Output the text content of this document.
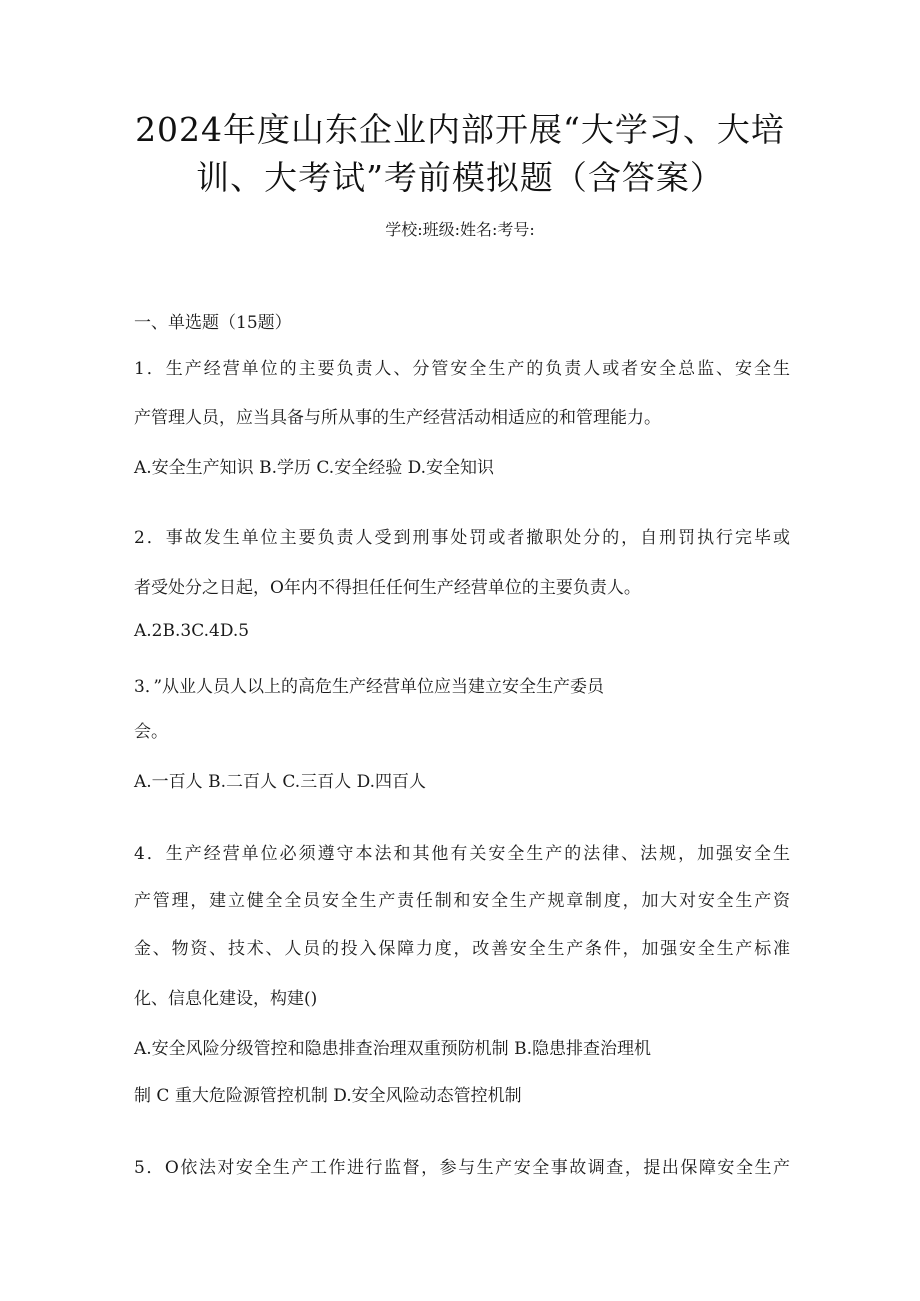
2024年度山东企业内部开展“大学习、大培
训、大考试”考前模拟题（含答案）
学校:班级:姓名:考号:
一、单选题（15题）
1．生产经营单位的主要负责人、分管安全生产的负责人或者安全总监、安全生
产管理人员，应当具备与所从事的生产经营活动相适应的和管理能力。
A.安全生产知识 B.学历 C.安全经验 D.安全知识
2．事故发生单位主要负责人受到刑事处罚或者撤职处分的，自刑罚执行完毕或
者受处分之日起，O年内不得担任任何生产经营单位的主要负责人。
A.2B.3C.4D.5
3．”从业人员人以上的高危生产经营单位应当建立安全生产委员
会。
A.一百人 B.二百人 C.三百人 D.四百人
4．生产经营单位必须遵守本法和其他有关安全生产的法律、法规，加强安全生
产管理，建立健全全员安全生产责任制和安全生产规章制度，加大对安全生产资
金、物资、技术、人员的投入保障力度，改善安全生产条件，加强安全生产标准
化、信息化建设，构建()
A.安全风险分级管控和隐患排查治理双重预防机制 B.隐患排查治理机
制 C 重大危险源管控机制 D.安全风险动态管控机制
5．O依法对安全生产工作进行监督，参与生产安全事故调查，提出保障安全生产
